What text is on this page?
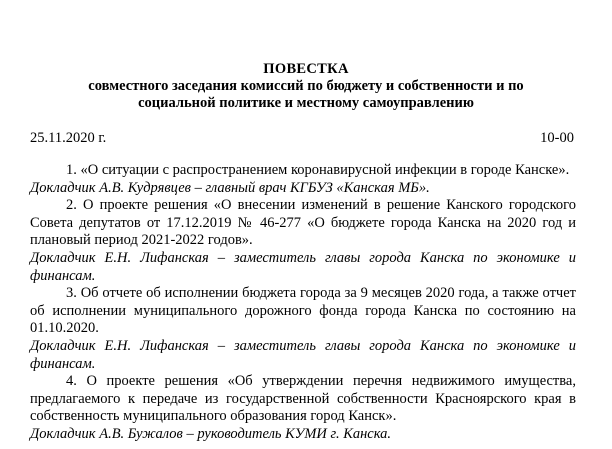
ПОВЕСТКА
совместного заседания комиссий по бюджету и собственности и по
социальной политике и местному самоуправлению
25.11.2020 г.	10-00

1. «О ситуации с распространением коронавирусной инфекции в городе Канске».

Докладчик А.В. Кудрявцев – главный врач КГБУЗ «Канская МБ».

2. О проекте решения «О внесении изменений в решение Канского городского Совета депутатов от 17.12.2019 № 46-277 «О бюджете города Канска на 2020 год и плановый период 2021-2022 годов».

Докладчик Е.Н. Лифанская – заместитель главы города Канска по экономике и финансам.

3. Об отчете об исполнении бюджета города за 9 месяцев 2020 года, а также отчет об исполнении муниципального дорожного фонда города Канска по состоянию на 01.10.2020.

Докладчик Е.Н. Лифанская – заместитель главы города Канска по экономике и финансам.

4. О проекте решения «Об утверждении перечня недвижимого имущества, предлагаемого к передаче из государственной собственности Красноярского края в собственность муниципального образования город Канск».

Докладчик А.В. Бужалов – руководитель КУМИ г. Канска.
